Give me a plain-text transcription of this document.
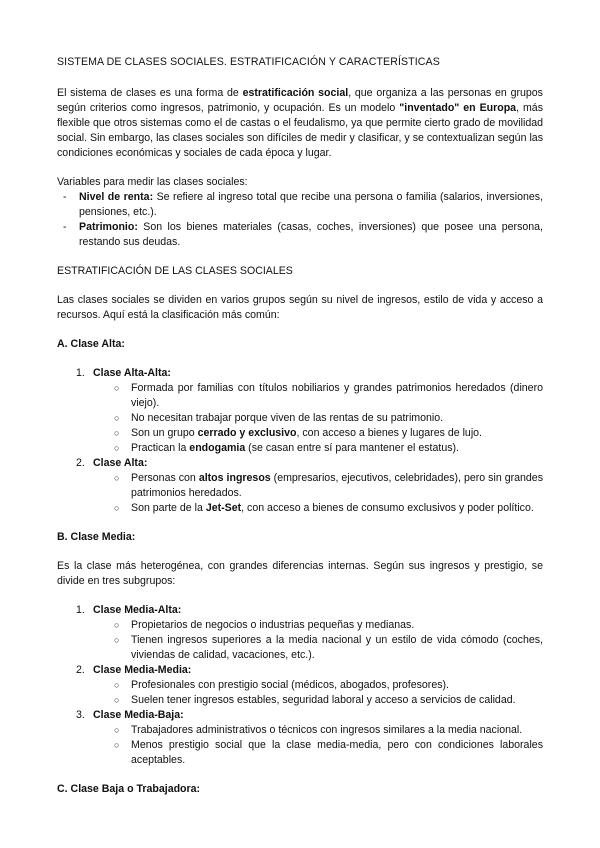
SISTEMA DE CLASES SOCIALES. ESTRATIFICACIÓN Y CARACTERÍSTICAS

El sistema de clases es una forma de estratificación social, que organiza a las personas en grupos según criterios como ingresos, patrimonio, y ocupación. Es un modelo "inventado" en Europa, más flexible que otros sistemas como el de castas o el feudalismo, ya que permite cierto grado de movilidad social. Sin embargo, las clases sociales son difíciles de medir y clasificar, y se contextualizan según las condiciones económicas y sociales de cada época y lugar.

Variables para medir las clases sociales:

- Nivel de renta: Se refiere al ingreso total que recibe una persona o familia (salarios, inversiones, pensiones, etc.).
- Patrimonio: Son los bienes materiales (casas, coches, inversiones) que posee una persona, restando sus deudas.
ESTRATIFICACIÓN DE LAS CLASES SOCIALES

Las clases sociales se dividen en varios grupos según su nivel de ingresos, estilo de vida y acceso a recursos. Aquí está la clasificación más común:

A. Clase Alta:
1. Clase Alta-Alta:
○ Formada por familias con títulos nobiliarios y grandes patrimonios heredados (dinero viejo).
○ No necesitan trabajar porque viven de las rentas de su patrimonio.
○ Son un grupo cerrado y exclusivo, con acceso a bienes y lugares de lujo.
○ Practican la endogamia (se casan entre sí para mantener el estatus).
2. Clase Alta:
○ Personas con altos ingresos (empresarios, ejecutivos, celebridades), pero sin grandes patrimonios heredados.
○ Son parte de la Jet-Set, con acceso a bienes de consumo exclusivos y poder político.
B. Clase Media:

Es la clase más heterogénea, con grandes diferencias internas. Según sus ingresos y prestigio, se divide en tres subgrupos:

1. Clase Media-Alta:
○ Propietarios de negocios o industrias pequeñas y medianas.
○ Tienen ingresos superiores a la media nacional y un estilo de vida cómodo (coches, viviendas de calidad, vacaciones, etc.).
2. Clase Media-Media:
○ Profesionales con prestigio social (médicos, abogados, profesores).
○ Suelen tener ingresos estables, seguridad laboral y acceso a servicios de calidad.
3. Clase Media-Baja:
○ Trabajadores administrativos o técnicos con ingresos similares a la media nacional.
○ Menos prestigio social que la clase media-media, pero con condiciones laborales aceptables.
C. Clase Baja o Trabajadora:
